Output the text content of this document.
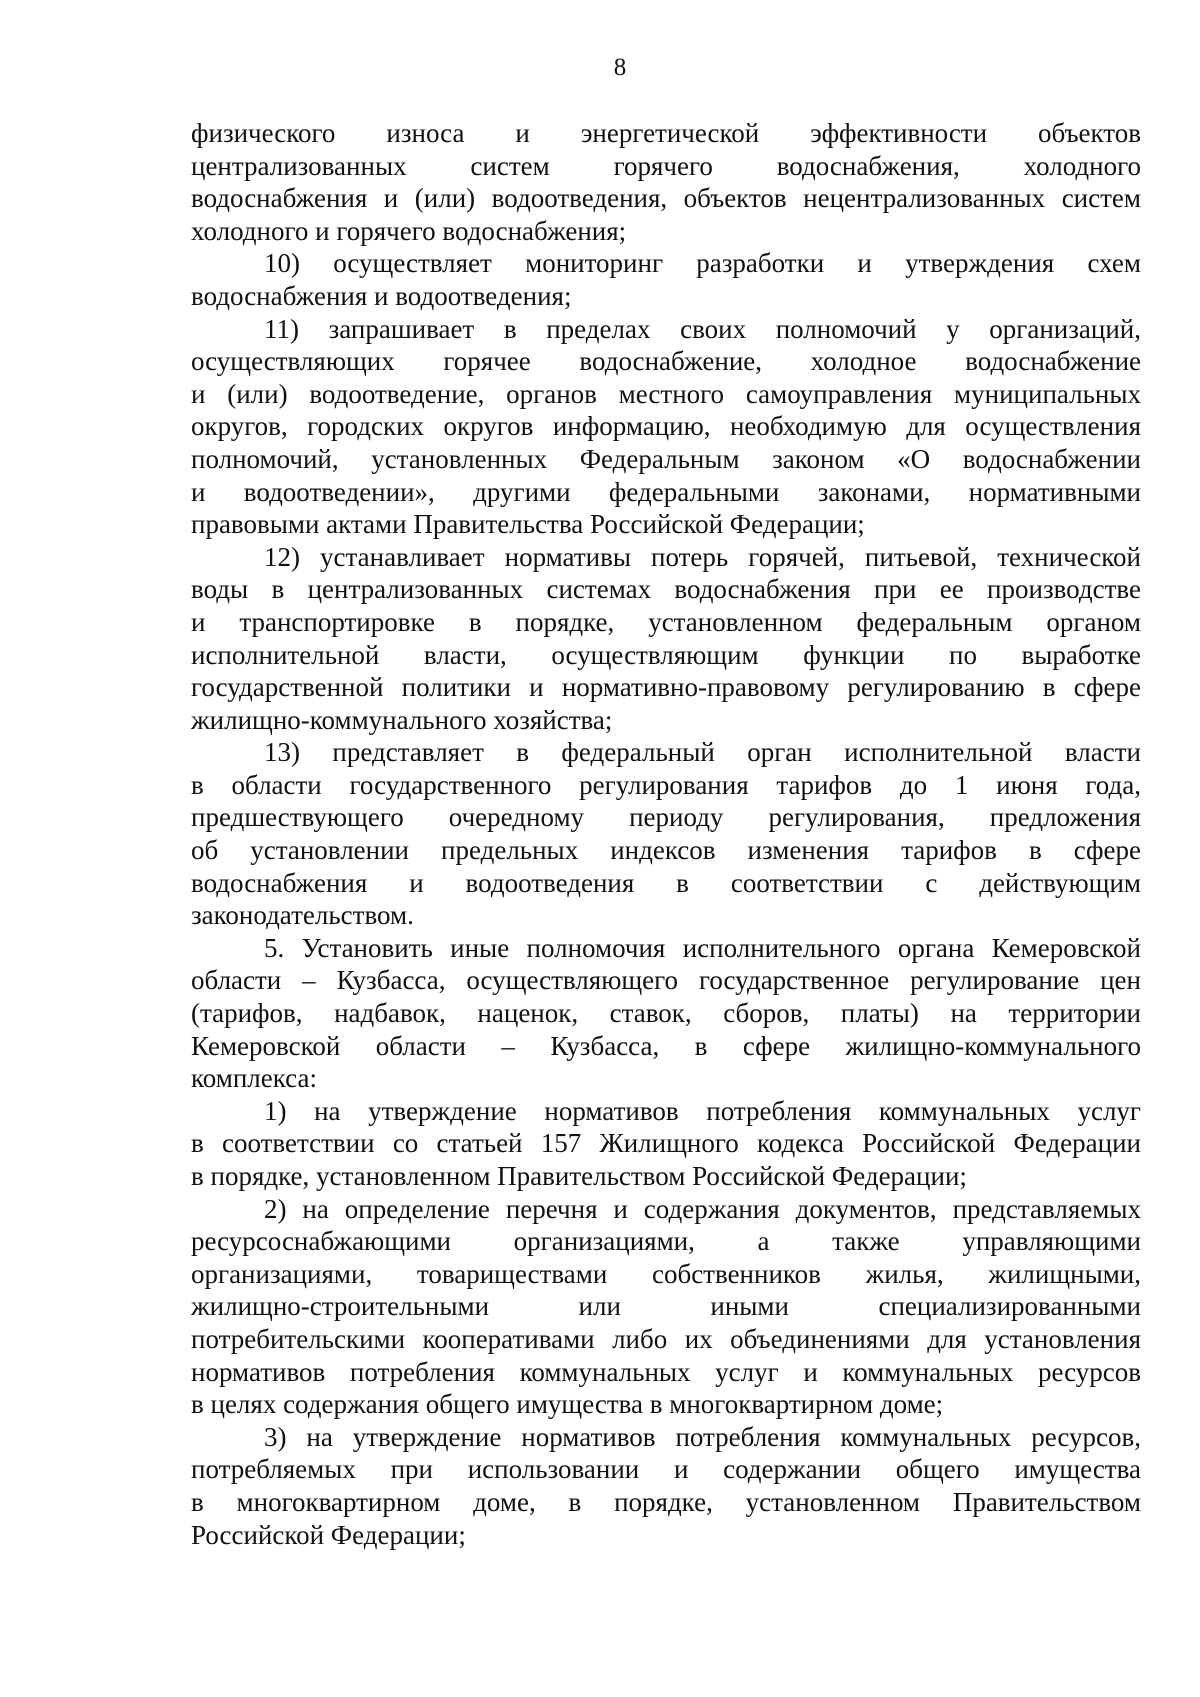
8
физического износа и энергетической эффективности объектов
централизованных систем горячего водоснабжения, холодного
водоснабжения и (или) водоотведения, объектов нецентрализованных систем
холодного и горячего водоснабжения;
10) осуществляет мониторинг разработки и утверждения схем
водоснабжения и водоотведения;
11) запрашивает в пределах своих полномочий у организаций,
осуществляющих горячее водоснабжение, холодное водоснабжение
и (или) водоотведение, органов местного самоуправления муниципальных
округов, городских округов информацию, необходимую для осуществления
полномочий, установленных Федеральным законом «О водоснабжении
и водоотведении», другими федеральными законами, нормативными
правовыми актами Правительства Российской Федерации;
12) устанавливает нормативы потерь горячей, питьевой, технической
воды в централизованных системах водоснабжения при ее производстве
и транспортировке в порядке, установленном федеральным органом
исполнительной власти, осуществляющим функции по выработке
государственной политики и нормативно-правовому регулированию в сфере
жилищно-коммунального хозяйства;
13) представляет в федеральный орган исполнительной власти
в области государственного регулирования тарифов до 1 июня года,
предшествующего очередному периоду регулирования, предложения
об установлении предельных индексов изменения тарифов в сфере
водоснабжения и водоотведения в соответствии с действующим
законодательством.
5. Установить иные полномочия исполнительного органа Кемеровской
области – Кузбасса, осуществляющего государственное регулирование цен
(тарифов, надбавок, наценок, ставок, сборов, платы) на территории
Кемеровской области – Кузбасса, в сфере жилищно-коммунального
комплекса:
1) на утверждение нормативов потребления коммунальных услуг
в соответствии со статьей 157 Жилищного кодекса Российской Федерации
в порядке, установленном Правительством Российской Федерации;
2) на определение перечня и содержания документов, представляемых
ресурсоснабжающими организациями, а также управляющими
организациями, товариществами собственников жилья, жилищными,
жилищно-строительными или иными специализированными
потребительскими кооперативами либо их объединениями для установления
нормативов потребления коммунальных услуг и коммунальных ресурсов
в целях содержания общего имущества в многоквартирном доме;
3) на утверждение нормативов потребления коммунальных ресурсов,
потребляемых при использовании и содержании общего имущества
в многоквартирном доме, в порядке, установленном Правительством
Российской Федерации;
